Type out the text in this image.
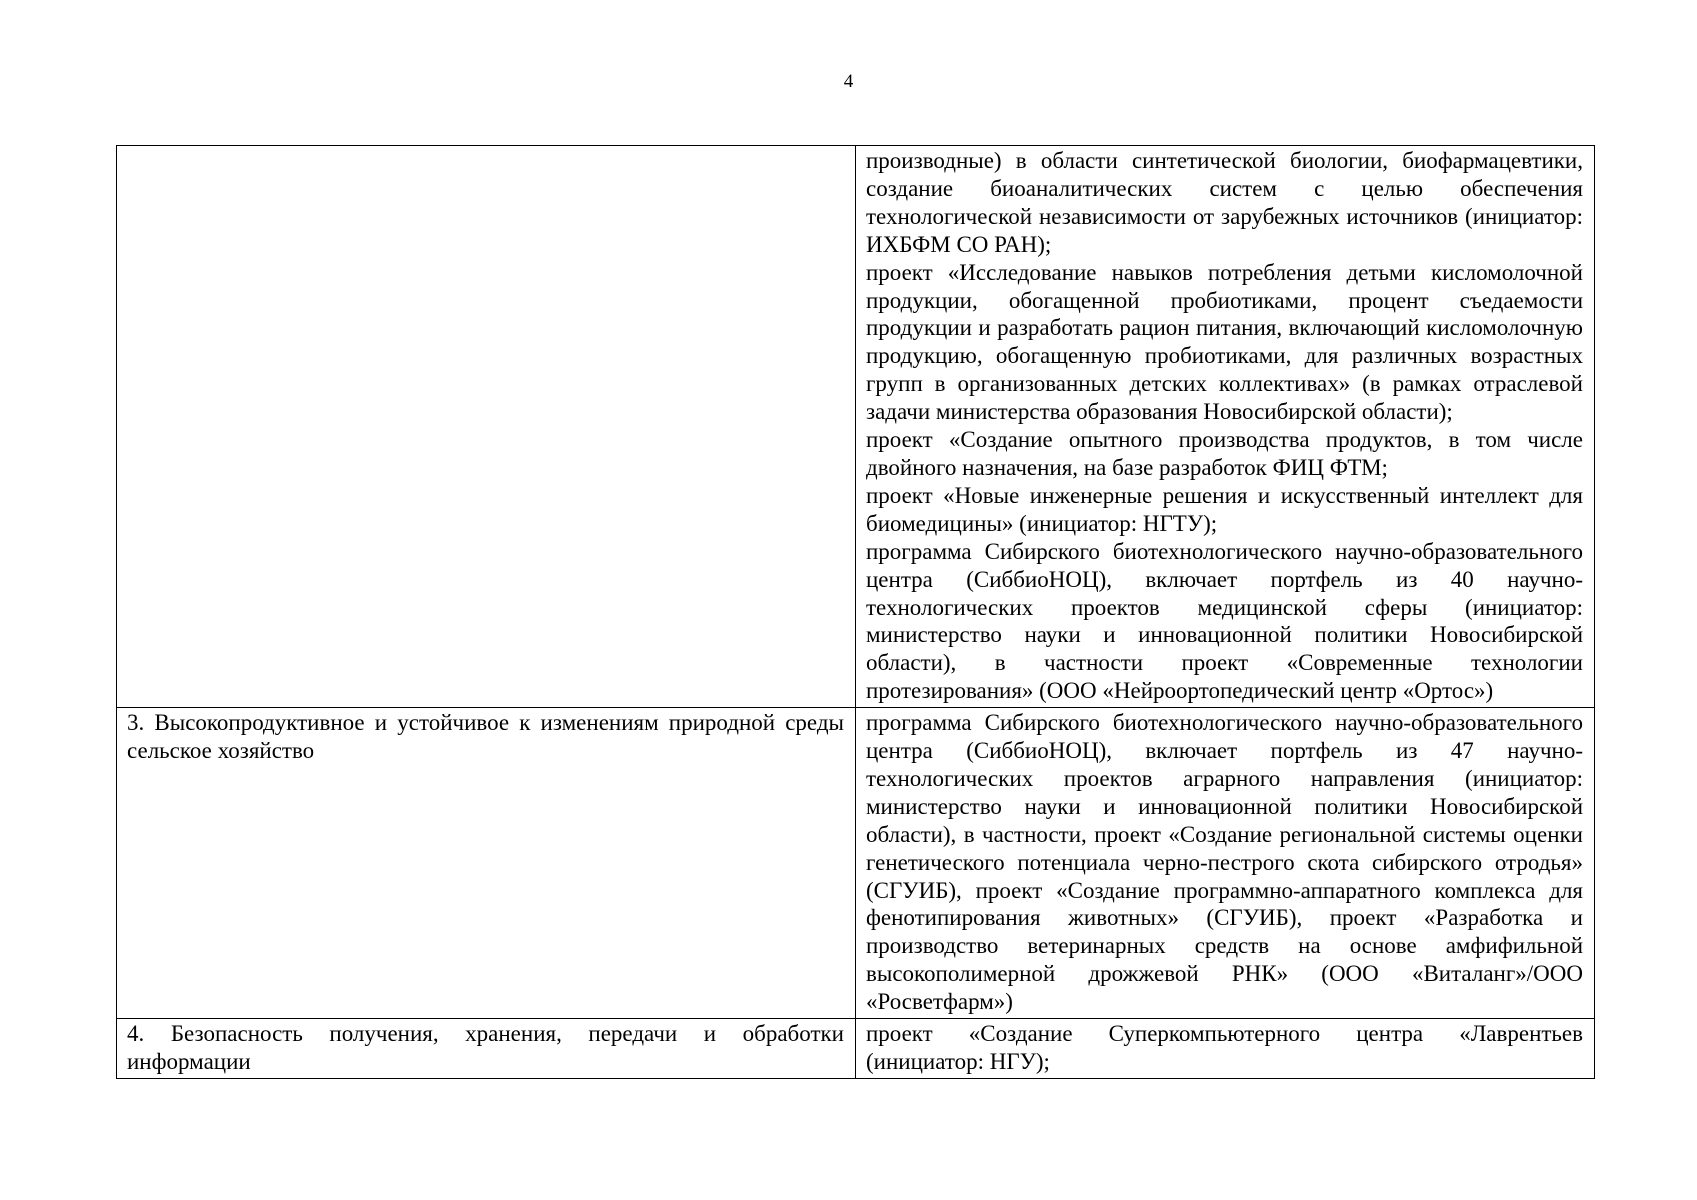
4

	производные) в области синтетической биологии, биофармацевтики, создание биоаналитических систем с целью обеспечения технологической независимости от зарубежных источников (инициатор: ИХБФМ СО РАН);

проект «Исследование навыков потребления детьми кисломолочной продукции, обогащенной пробиотиками, процент съедаемости продукции и разработать рацион питания, включающий кисломолочную продукцию, обогащенную пробиотиками, для различных возрастных групп в организованных детских коллективах» (в рамках отраслевой задачи министерства образования Новосибирской области);

проект «Создание опытного производства продуктов, в том числе двойного назначения, на базе разработок ФИЦ ФТМ;

проект «Новые инженерные решения и искусственный интеллект для биомедицины» (инициатор: НГТУ);

программа Сибирского биотехнологического научно-образовательного центра (СиббиоНОЦ), включает портфель из 40 научно-технологических проектов медицинской сферы (инициатор: министерство науки и инновационной политики Новосибирской области), в частности проект «Современные технологии протезирования» (ООО «Нейроортопедический центр «Ортос»)

3. Высокопродуктивное и устойчивое к изменениям природной среды сельское хозяйство	программа Сибирского биотехнологического научно-образовательного центра (СиббиоНОЦ), включает портфель из 47 научно-технологических проектов аграрного направления (инициатор: министерство науки и инновационной политики Новосибирской области), в частности, проект «Создание региональной системы оценки генетического потенциала черно-пестрого скота сибирского отродья» (СГУИБ), проект «Создание программно-аппаратного комплекса для фенотипирования животных» (СГУИБ), проект «Разработка и производство ветеринарных средств на основе амфифильной высокополимерной дрожжевой РНК» (ООО «Виталанг»/ООО «Росветфарм»)

4. Безопасность получения, хранения, передачи и обработки информации	проект «Создание Суперкомпьютерного центра «Лаврентьев (инициатор: НГУ);
